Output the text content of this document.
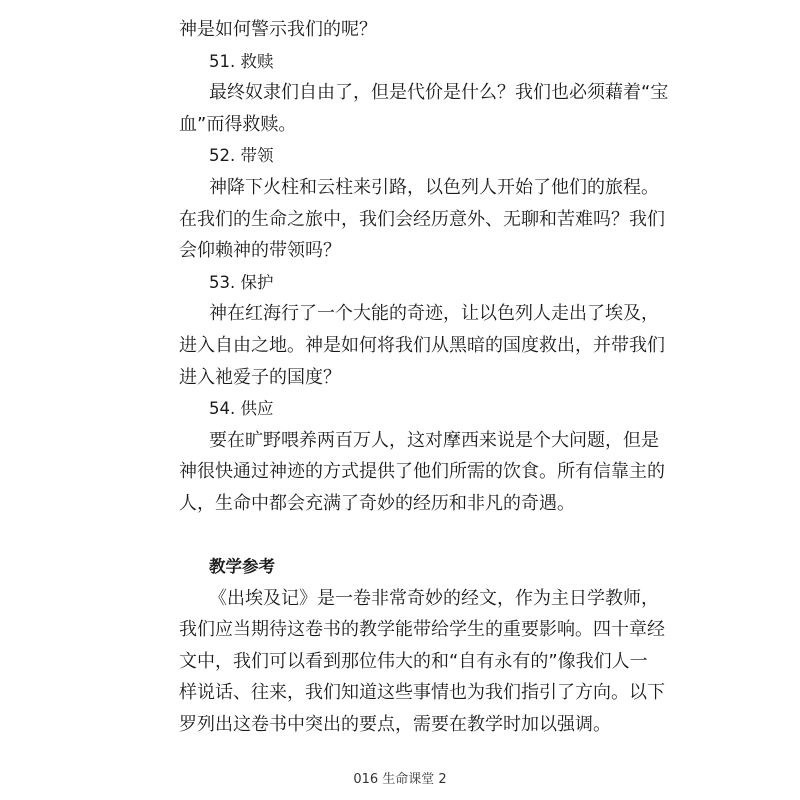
神是如何警示我们的呢？

51. 救赎

最终奴隶们自由了，但是代价是什么？我们也必须藉着“宝

血”而得救赎。

52. 带领

神降下火柱和云柱来引路，以色列人开始了他们的旅程。

在我们的生命之旅中，我们会经历意外、无聊和苦难吗？我们

会仰赖神的带领吗？

53. 保护

神在红海行了一个大能的奇迹，让以色列人走出了埃及，

进入自由之地。神是如何将我们从黑暗的国度救出，并带我们

进入祂爱子的国度？

54. 供应

要在旷野喂养两百万人，这对摩西来说是个大问题，但是

神很快通过神迹的方式提供了他们所需的饮食。所有信靠主的

人，生命中都会充满了奇妙的经历和非凡的奇遇。

教学参考

《出埃及记》是一卷非常奇妙的经文，作为主日学教师，

我们应当期待这卷书的教学能带给学生的重要影响。四十章经

文中，我们可以看到那位伟大的和“自有永有的”像我们人一

样说话、往来，我们知道这些事情也为我们指引了方向。以下

罗列出这卷书中突出的要点，需要在教学时加以强调。

016 生命课堂 2
